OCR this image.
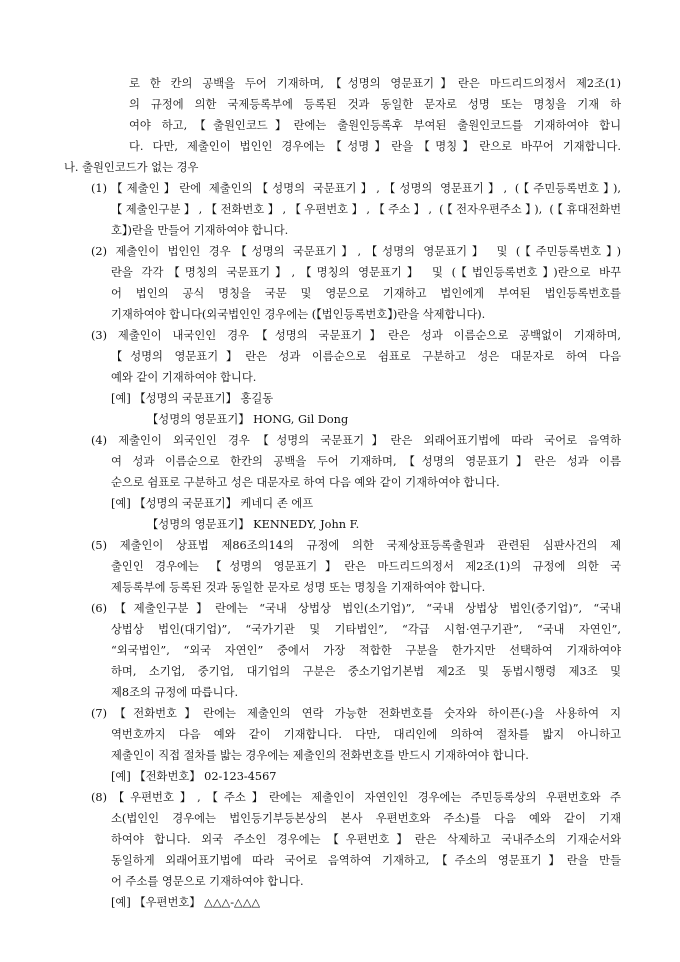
로 한 칸의 공백을 두어 기재하며,【성명의 영문표기】란은 마드리드의정서 제2조(1)
의 규정에 의한 국제등록부에 등록된 것과 동일한 문자로 성명 또는 명칭을 기재 하
여야 하고,【출원인코드】란에는 출원인등록후 부여된 출원인코드를 기재하여야 합니
다. 다만, 제출인이 법인인 경우에는【성명】란을【명칭】란으로 바꾸어 기재합니다.
나. 출원인코드가 없는 경우
(1)【제출인】란에 제출인의【성명의 국문표기】,【성명의 영문표기】, (【주민등록번호】),
【제출인구분】,【전화번호】,【우편번호】,【주소】, (【전자우편주소】), (【휴대전화번
호】)란을 만들어 기재하여야 합니다.
(2) 제출인이 법인인 경우【성명의 국문표기】,【성명의 영문표기】 및 (【주민등록번호】)
란을 각각【명칭의 국문표기】,【명칭의 영문표기】 및 (【법인등록번호】)란으로 바꾸
어 법인의 공식 명칭을 국문 및 영문으로 기재하고 법인에게 부여된 법인등록번호를
기재하여야 합니다(외국법인인 경우에는 (【법인등록번호】)란을 삭제합니다).
(3) 제출인이 내국인인 경우【성명의 국문표기】란은 성과 이름순으로 공백없이 기재하며,
【성명의 영문표기】란은 성과 이름순으로 쉼표로 구분하고 성은 대문자로 하여 다음
예와 같이 기재하여야 합니다.
[예] 【성명의 국문표기】 홍길동
【성명의 영문표기】 HONG, Gil Dong
(4) 제출인이 외국인인 경우【성명의 국문표기】란은 외래어표기법에 따라 국어로 음역하
여 성과 이름순으로 한칸의 공백을 두어 기재하며,【성명의 영문표기】란은 성과 이름
순으로 쉼표로 구분하고 성은 대문자로 하여 다음 예와 같이 기재하여야 합니다.
[예] 【성명의 국문표기】 케네디 존 에프
【성명의 영문표기】 KENNEDY, John F.
(5) 제출인이 상표법 제86조의14의 규정에 의한 국제상표등록출원과 관련된 심판사건의 제
출인인 경우에는 【성명의 영문표기】란은 마드리드의정서 제2조(1)의 규정에 의한 국
제등록부에 등록된 것과 동일한 문자로 성명 또는 명칭을 기재하여야 합니다.
(6)【제출인구분】란에는 “국내 상법상 법인(소기업)”, “국내 상법상 법인(중기업)”, “국내
상법상 법인(대기업)”, “국가기관 및 기타법인”, “각급 시험·연구기관”, “국내 자연인”,
“외국법인”, “외국 자연인” 중에서 가장 적합한 구분을 한가지만 선택하여 기재하여야
하며, 소기업, 중기업, 대기업의 구분은 중소기업기본법 제2조 및 동법시행령 제3조 및
제8조의 규정에 따릅니다.
(7)【전화번호】란에는 제출인의 연락 가능한 전화번호를 숫자와 하이픈(-)을 사용하여 지
역번호까지 다음 예와 같이 기재합니다. 다만, 대리인에 의하여 절차를 밟지 아니하고
제출인이 직접 절차를 밟는 경우에는 제출인의 전화번호를 반드시 기재하여야 합니다.
[예] 【전화번호】 02-123-4567
(8)【우편번호】,【주소】란에는 제출인이 자연인인 경우에는 주민등록상의 우편번호와 주
소(법인인 경우에는 법인등기부등본상의 본사 우편번호와 주소)를 다음 예와 같이 기재
하여야 합니다. 외국 주소인 경우에는【우편번호】란은 삭제하고 국내주소의 기재순서와
동일하게 외래어표기법에 따라 국어로 음역하여 기재하고,【주소의 영문표기】란을 만들
어 주소를 영문으로 기재하여야 합니다.
[예] 【우편번호】 △△△-△△△
